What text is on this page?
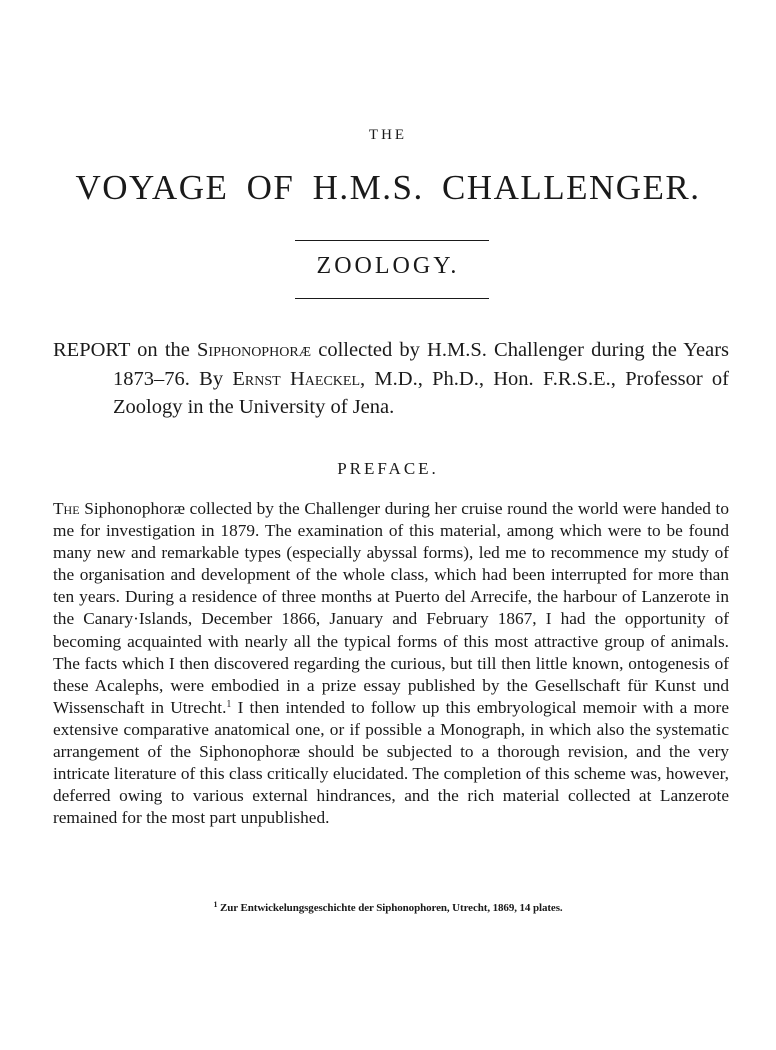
THE
VOYAGE OF H.M.S. CHALLENGER.
ZOOLOGY.
REPORT on the Siphonophoræ collected by H.M.S. Challenger during the Years 1873–76. By Ernst Haeckel, M.D., Ph.D., Hon. F.R.S.E., Professor of Zoology in the University of Jena.
PREFACE.

The Siphonophoræ collected by the Challenger during her cruise round the world were handed to me for investigation in 1879. The examination of this material, among which were to be found many new and remarkable types (especially abyssal forms), led me to recommence my study of the organisation and development of the whole class, which had been interrupted for more than ten years. During a residence of three months at Puerto del Arrecife, the harbour of Lanzerote in the Canary·Islands, December 1866, January and February 1867, I had the opportunity of becoming acquainted with nearly all the typical forms of this most attractive group of animals. The facts which I then discovered regarding the curious, but till then little known, ontogenesis of these Acalephs, were embodied in a prize essay published by the Gesellschaft für Kunst und Wissenschaft in Utrecht.$^1$ I then intended to follow up this embryological memoir with a more extensive comparative anatomical one, or if possible a Monograph, in which also the systematic arrangement of the Siphonophoræ should be subjected to a thorough revision, and the very intricate literature of this class critically elucidated. The completion of this scheme was, however, deferred owing to various external hindrances, and the rich material collected at Lanzerote remained for the most part unpublished.

$^1$ Zur Entwickelungsgeschichte der Siphonophoren, Utrecht, 1869, 14 plates.
